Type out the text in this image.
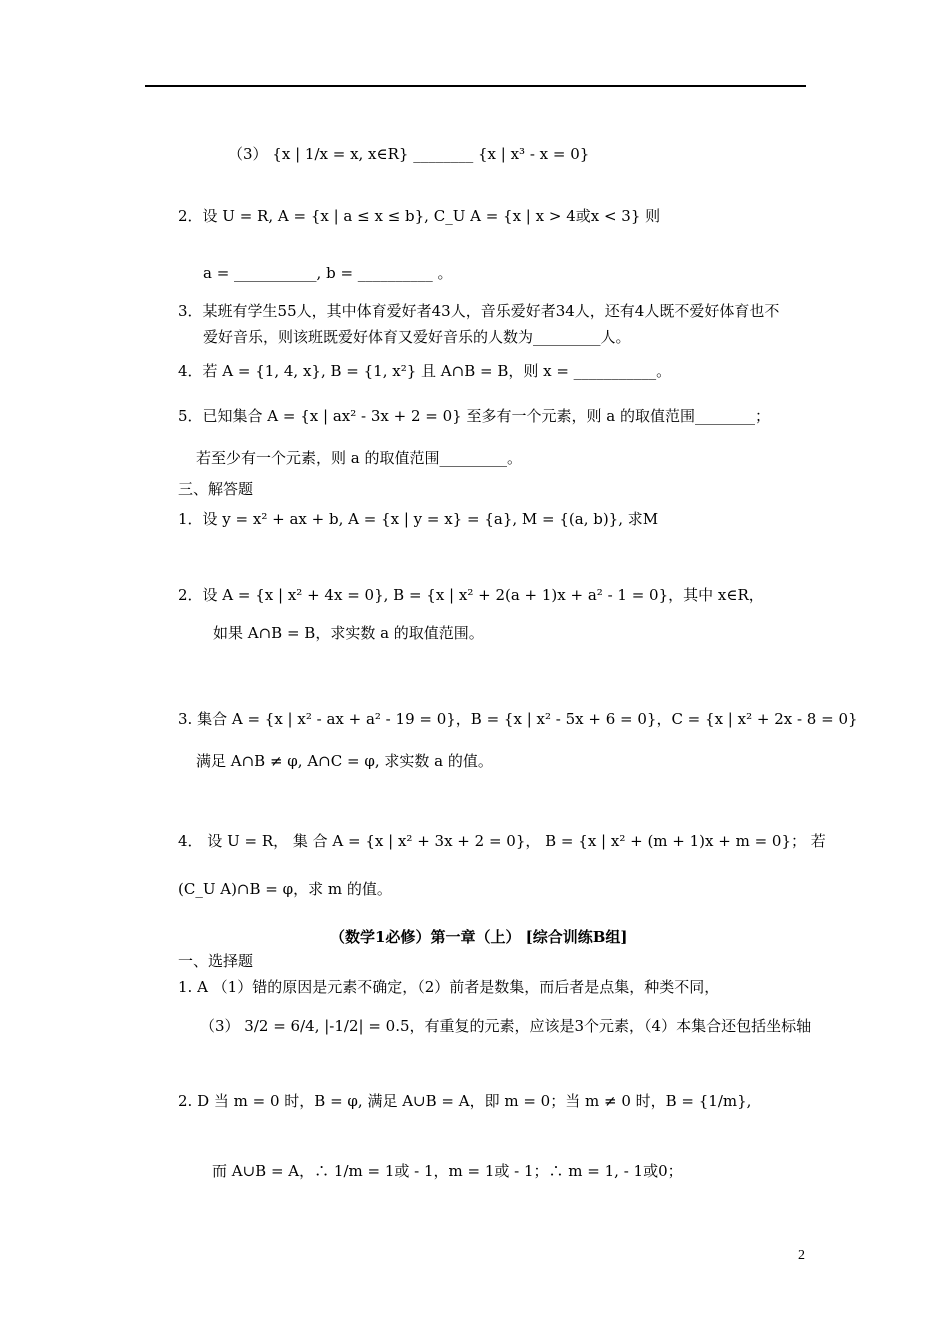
（3） {x | 1/x = x, x∈R} ________ {x | x³ - x = 0}
2．设 U = R, A = {x | a ≤ x ≤ b}, C_U A = {x | x > 4或x < 3} 则
a = ___________, b = __________ 。
3．某班有学生55人，其中体育爱好者43人，音乐爱好者34人，还有4人既不爱好体育也不
爱好音乐，则该班既爱好体育又爱好音乐的人数为_________人。
4．若 A = {1, 4, x}, B = {1, x²} 且 A∩B = B，则 x = ___________。
5．已知集合 A = {x | ax² - 3x + 2 = 0} 至多有一个元素，则 a 的取值范围________；
若至少有一个元素，则 a 的取值范围_________。
三、解答题
1．设 y = x² + ax + b, A = {x | y = x} = {a}, M = {(a, b)}, 求M
2．设 A = {x | x² + 4x = 0}, B = {x | x² + 2(a + 1)x + a² - 1 = 0}，其中 x∈R，
如果 A∩B = B，求实数 a 的取值范围。
3. 集合 A = {x | x² - ax + a² - 19 = 0}，B = {x | x² - 5x + 6 = 0}，C = {x | x² + 2x - 8 = 0}
满足 A∩B ≠ φ, A∩C = φ, 求实数 a 的值。
4． 设 U = R， 集 合 A = {x | x² + 3x + 2 = 0}， B = {x | x² + (m + 1)x + m = 0}； 若
(C_U A)∩B = φ，求 m 的值。
（数学1必修）第一章（上） [综合训练B组]
一、选择题
1. A （1）错的原因是元素不确定，（2）前者是数集，而后者是点集，种类不同，
（3） 3/2 = 6/4, |-1/2| = 0.5，有重复的元素，应该是3个元素，（4）本集合还包括坐标轴
2. D 当 m = 0 时，B = φ, 满足 A∪B = A，即 m = 0；当 m ≠ 0 时，B = {1/m},
而 A∪B = A，∴ 1/m = 1或 - 1，m = 1或 - 1；∴ m = 1, - 1或0；
2
